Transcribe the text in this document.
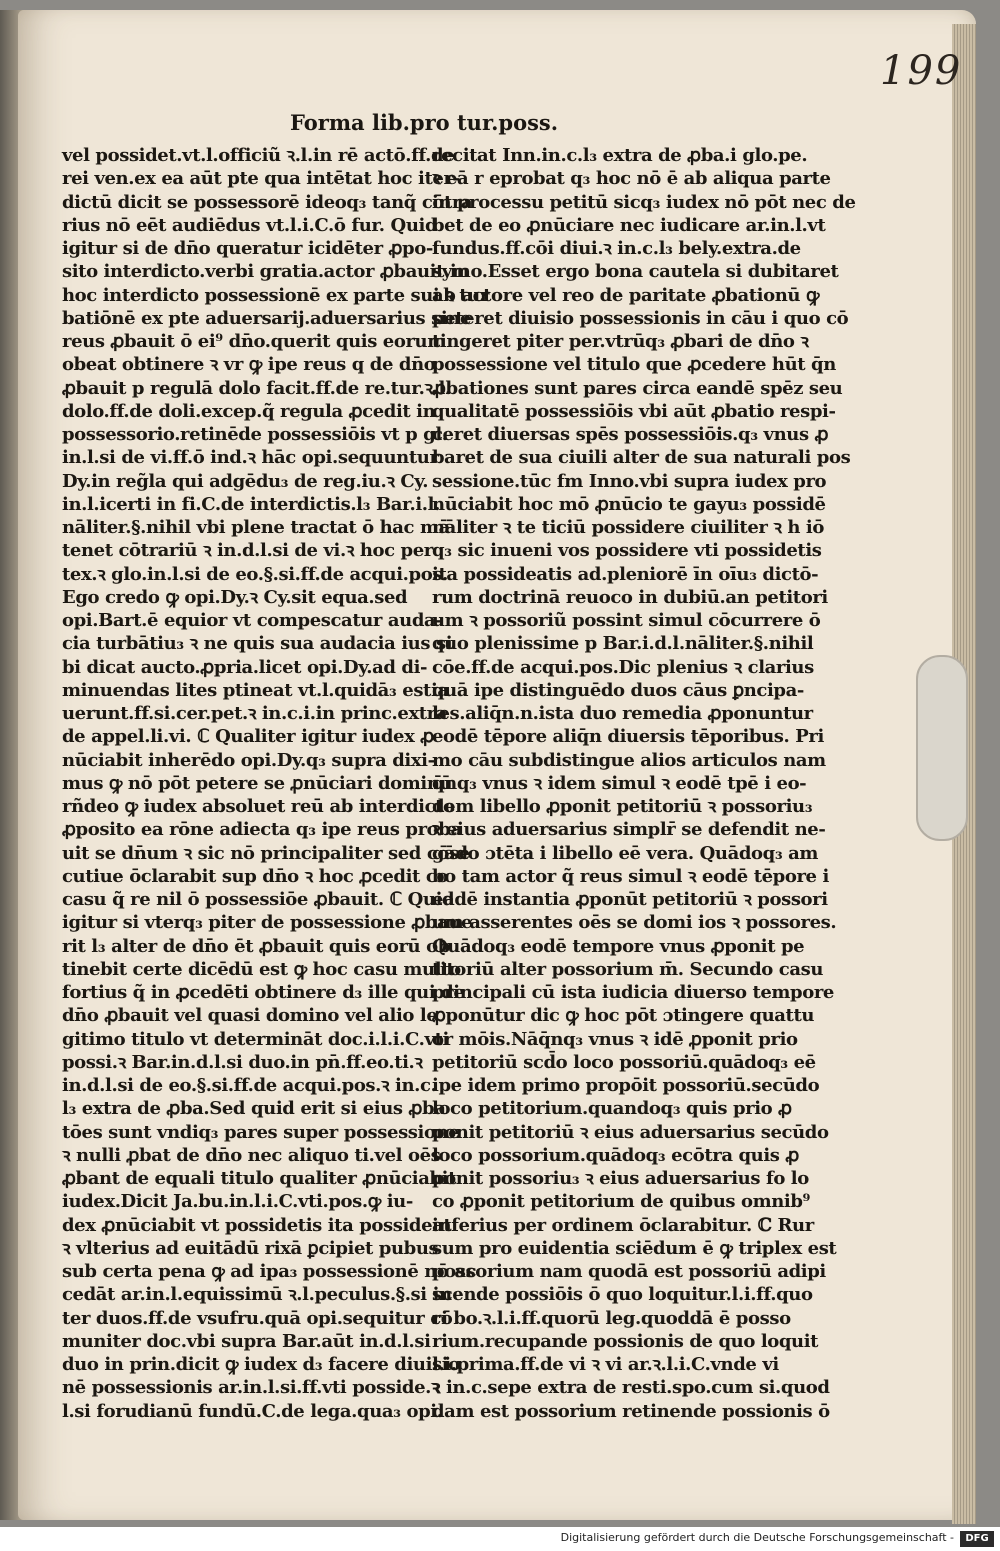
199
Forma lib.pro tur.poss.
vel possidet.vt.l.officiũ ꝛ.l.in rē actō.ff.de
rei ven.ex ea aūt pte qua intētat hoc iter-
dictū dicit se possessorē ideoq₃ tanq̃ cōtra
rius nō eēt audiēdus vt.l.i.C.ō fur. Quid
igitur si de dn̄o queratur icidēter ꝓpo-
sito interdicto.verbi gratia.actor ꝓbauit in
hoc interdicto possessionē ex parte sui ꝛ tur
batiōnē ex pte aduersarij.aduersarius sine
reus ꝓbauit ō ei⁹ dn̄o.querit quis eorum
obeat obtinere ꝛ vr ꝙ ipe reus q de dn̄o
ꝓbauit p regulā dolo facit.ff.de re.tur.ꝛ.l.
dolo.ff.de doli.excep.q̃ regula ꝓcedit in
possessorio.retinēde possessiōis vt p gl.
in.l.si de vi.ff.ō ind.ꝛ hāc opi.sequuntur
Dy.in reg̃la qui adgēdu₃ de reg.iu.ꝛ Cy.
in.l.icerti in fi.C.de interdictis.l₃ Bar.i.l.
nāliter.§.nihil vbi plene tractat ō hac mā
tenet cōtrariū ꝛ in.d.l.si de vi.ꝛ hoc per
tex.ꝛ glo.in.l.si de eo.§.si.ff.de acqui.pos.
Ego credo ꝙ opi.Dy.ꝛ Cy.sit equa.sed
opi.Bart.ē equior vt compescatur auda-
cia turbātiu₃ ꝛ ne quis sua audacia ius si
bi dicat aucto.ꝓpria.licet opi.Dy.ad di-
minuendas lites ptineat vt.l.quidā₃ estia
uerunt.ff.si.cer.pet.ꝛ in.c.i.in princ.extra
de appel.li.vi. ℂ Qualiter igitur iudex ꝓ
nūciabit inherēdo opi.Dy.q₃ supra dixi-
mus ꝙ nō pōt petere se ꝓnūciari dominū
rñdeo ꝙ iudex absoluet reū ab interdicto
ꝓposito ea rōne adiecta q₃ ipe reus proba
uit se dn̄um ꝛ sic nō principaliter sed cōse
cutiue ōclarabit sup dn̄o ꝛ hoc ꝓcedit co
casu q̃ re nil ō possessiōe ꝓbauit. ℂ Quid
igitur si vterq₃ piter de possessione ꝓbaue
rit l₃ alter de dn̄o ēt ꝓbauit quis eorū ob
tinebit certe dicēdū est ꝙ hoc casu multo
fortius q̃ in ꝓcedēti obtinere d₃ ille qui de
dn̄o ꝓbauit vel quasi domino vel alio le
gitimo titulo vt determināt doc.i.l.i.C.vti
possi.ꝛ Bar.in.d.l.si duo.in pn̄.ff.eo.ti.ꝛ
in.d.l.si de eo.§.si.ff.de acqui.pos.ꝛ in.c.
l₃ extra de ꝓba.Sed quid erit si eius ꝓba
tōes sunt vndiq₃ pares super possessione
ꝛ nulli ꝓbat de dn̄o nec aliquo ti.vel oēs
ꝓbant de equali titulo qualiter ꝓnūciabit
iudex.Dicit Ja.bu.in.l.i.C.vti.pos.ꝙ iu-
dex ꝓnūciabit vt possidetis ita possideat
ꝛ vlterius ad euitādū rixā ꝑcipiet pubus
sub certa pena ꝙ ad ipa₃ possessionē nō ac
cedāt ar.in.l.equissimū ꝛ.l.peculus.§.si in
ter duos.ff.de vsufru.quā opi.sequitur cō
muniter doc.vbi supra Bar.aūt in.d.l.si
duo in prin.dicit ꝙ iudex d₃ facere diuisio
nē possessionis ar.in.l.si.ff.vti posside.ꝛ
l.si forudianū fundū.C.de lega.qua₃ opi.
recitat Inn.in.c.l₃ extra de ꝓba.i glo.pe.
ꝛ eā r eprobat q₃ hoc nō ē ab aliqua parte
in processu petitū sicq₃ iudex nō pōt nec de
bet de eo ꝓnūciare nec iudicare ar.in.l.vt
fundus.ff.cōi diui.ꝛ in.c.l₃ bely.extra.de
symo.Esset ergo bona cautela si dubitaret
ab actore vel reo de paritate ꝓbationū ꝙ
peteret diuisio possessionis in cāu i quo cō
tingeret piter per.vtrūq₃ ꝓbari de dn̄o ꝛ
possessione vel titulo que ꝓcedere hūt q̄n
ꝓbationes sunt pares circa eandē spēz seu
qualitatē possessiōis vbi aūt ꝓbatio respi-
ceret diuersas spēs possessiōis.q₃ vnus ꝓ
baret de sua ciuili alter de sua naturali pos
sessione.tūc fm Inno.vbi supra iudex pro
nūciabit hoc mō ꝓnūcio te gayu₃ possidē
nāliter ꝛ te ticiū possidere ciuiliter ꝛ h iō
q₃ sic inueni vos possidere vti possidetis
ita possideatis ad.pleniorē īn oīu₃ dictō-
rum doctrinā reuoco in dubiū.an petitori
um ꝛ possoriũ possint simul cōcurrere ō
quo plenissime p Bar.i.d.l.nāliter.§.nihil
cōe.ff.de acqui.pos.Dic plenius ꝛ clarius
quā ipe distinguēdo duos cāus ꝑncipa-
les.aliq̄n.n.ista duo remedia ꝓponuntur
eodē tēpore aliq̄n diuersis tēporibus. Pri
mo cāu subdistingue alios articulos nam
q̄nq₃ vnus ꝛ idem simul ꝛ eodē tpē i eo-
dem libello ꝓponit petitoriū ꝛ possoriu₃
ꝛ eius aduersarius simplr̄ se defendit ne-
gādo ɔtēta i libello eē vera. Quādoq₃ am
bo tam actor q̃ reus simul ꝛ eodē tēpore i
eadē instantia ꝓponūt petitoriū ꝛ possori
um asserentes oēs se domi ios ꝛ possores.
Quādoq₃ eodē tempore vnus ꝓponit pe
titoriū alter possorium m̄. Secundo casu
principali cū ista iudicia diuerso tempore
ꝓponūtur dic ꝙ hoc pōt ɔtingere quattu
or mōis.Nāq̄nq₃ vnus ꝛ idē ꝓponit prio
petitoriū scd̄o loco possoriū.quādoq₃ eē
ipe idem primo propōit possoriū.secūdo
loco petitorium.quandoq₃ quis prio ꝓ
ponit petitoriū ꝛ eius aduersarius secūdo
loco possorium.quādoq₃ ecōtra quis ꝓ
ponit possoriu₃ ꝛ eius aduersarius fo lo
co ꝓponit petitorium de quibus omnib⁹
inferius per ordinem ōclarabitur. ℂ Rur
sum pro euidentia sciēdum ē ꝙ triplex est
possorium nam quodā est possoriū adipi
scende possiōis ō quo loquitur.l.i.ff.quo
ri bo.ꝛ.l.i.ff.quorū leg.quoddā ē posso
rium.recupande possionis de quo loquit
l.i.prima.ff.de vi ꝛ vi ar.ꝛ.l.i.C.vnde vi
ꝛ in.c.sepe extra de resti.spo.cum si.quod
dam est possorium retinende possionis ō
Digitalisierung gefördert durch die Deutsche Forschungsgemeinschaft -	DFG
